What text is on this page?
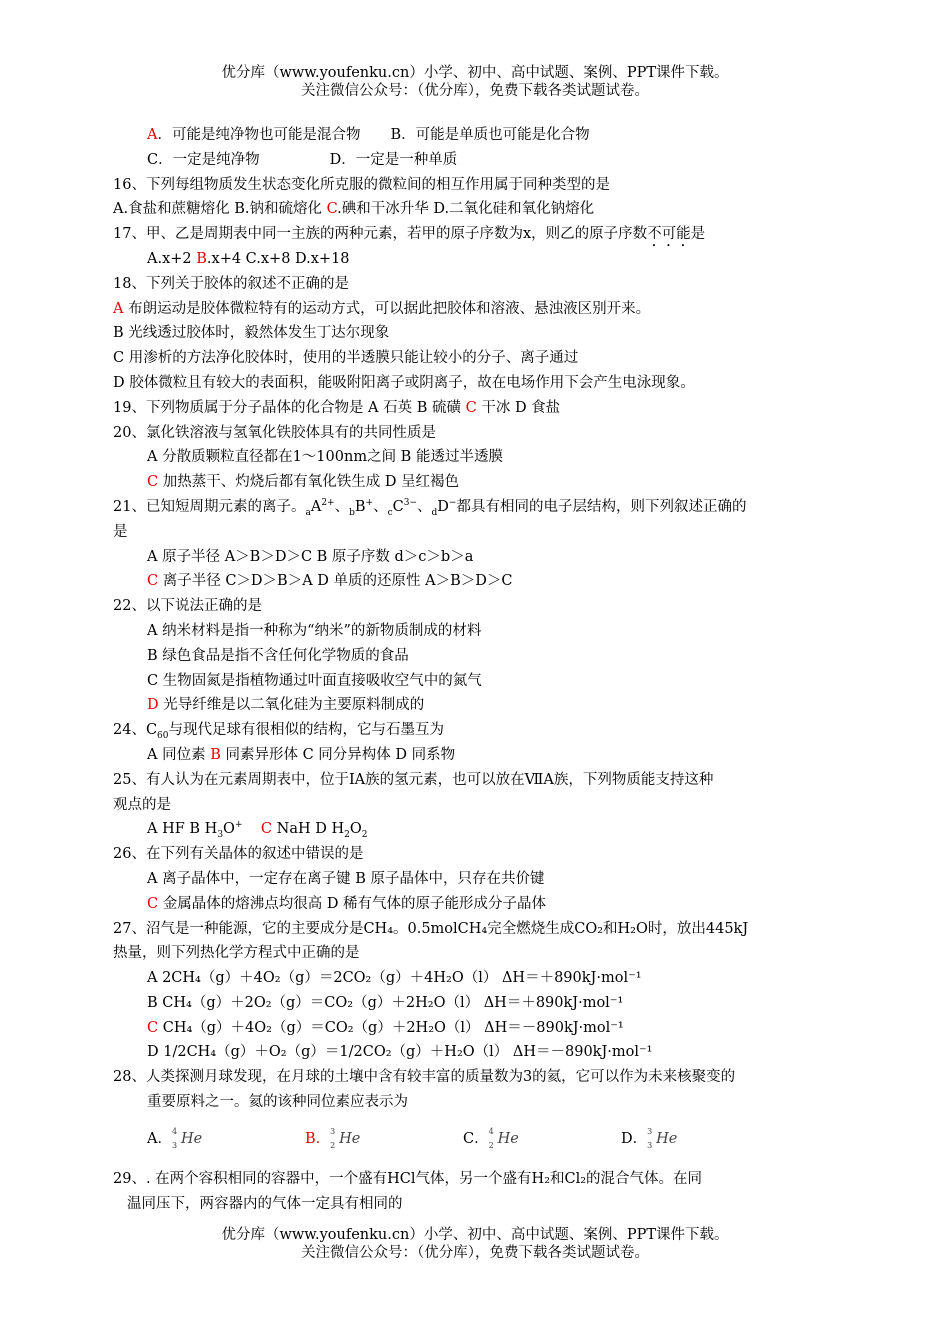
优分库（www.youfenku.cn）小学、初中、高中试题、案例、PPT课件下载。
关注微信公众号：（优分库），免费下载各类试题试卷。
A．可能是纯净物也可能是混合物 B．可能是单质也可能是化合物
C．一定是纯净物	D．一定是一种单质
16、下列每组物质发生状态变化所克服的微粒间的相互作用属于同种类型的是
A.食盐和蔗糖熔化 B.钠和硫熔化 C.碘和干冰升华 D.二氧化硅和氧化钠熔化
17、甲、乙是周期表中同一主族的两种元素，若甲的原子序数为x，则乙的原子序数不可能是
A.x+2 B.x+4 C.x+8 D.x+18
18、下列关于胶体的叙述不正确的是
A 布朗运动是胶体微粒特有的运动方式，可以据此把胶体和溶液、悬浊液区别开来。
B 光线透过胶体时，毅然体发生丁达尔现象
C 用渗析的方法净化胶体时，使用的半透膜只能让较小的分子、离子通过
D 胶体微粒且有较大的表面积，能吸附阳离子或阴离子，故在电场作用下会产生电泳现象。
19、下列物质属于分子晶体的化合物是 A 石英 B 硫磺 C 干冰 D 食盐
20、氯化铁溶液与氢氧化铁胶体具有的共同性质是
A 分散质颗粒直径都在1～100nm之间 B 能透过半透膜
C 加热蒸干、灼烧后都有氧化铁生成 D 呈红褐色
21、已知短周期元素的离子。$_aA^{2+}$、$_b$B+、$_cC^{3-}$、$_d$D−都具有相同的电子层结构，则下列叙述正确的
是
A 原子半径 A＞B＞D＞C B 原子序数 d＞c＞b＞a
C 离子半径 C＞D＞B＞A D 单质的还原性 A＞B＞D＞C
22、以下说法正确的是
A 纳米材料是指一种称为“纳米”的新物质制成的材料
B 绿色食品是指不含任何化学物质的食品
C 生物固氮是指植物通过叶面直接吸收空气中的氮气
D 光导纤维是以二氧化硅为主要原料制成的
24、$C_{60}$与现代足球有很相似的结构，它与石墨互为
A 同位素 B 同素异形体 C 同分异构体 D 同系物
25、有人认为在元素周期表中，位于ⅠA族的氢元素，也可以放在ⅦA族，下列物质能支持这种
观点的是
A HF B $H_3O^+$ C NaH D $H_2O_2$
26、在下列有关晶体的叙述中错误的是
A 离子晶体中，一定存在离子键 B 原子晶体中，只存在共价键
C 金属晶体的熔沸点均很高 D 稀有气体的原子能形成分子晶体
27、沼气是一种能源，它的主要成分是CH₄。0.5molCH₄完全燃烧生成CO₂和H₂O时，放出445kJ
热量，则下列热化学方程式中正确的是
A 2CH₄（g）＋4O₂（g）＝2CO₂（g）＋4H₂O（l） ΔH＝＋890kJ·mol⁻¹
B CH₄（g）＋2O₂（g）＝CO₂（g）＋2H₂O（l） ΔH＝＋890kJ·mol⁻¹
C CH₄（g）＋4O₂（g）＝CO₂（g）＋2H₂O（l） ΔH＝－890kJ·mol⁻¹
D 1/2CH₄（g）＋O₂（g）＝1/2CO₂（g）＋H₂O（l） ΔH＝－890kJ·mol⁻¹
28、人类探测月球发现，在月球的土壤中含有较丰富的质量数为3的氦，它可以作为未来核聚变的
重要原料之一。氦的该种同位素应表示为
A． 4
3 He	B． 3
2 He	C． 4
2 He	D． 3
3 He
29、. 在两个容积相同的容器中，一个盛有HCl气体，另一个盛有H₂和Cl₂的混合气体。在同
温同压下，两容器内的气体一定具有相同的
优分库（www.youfenku.cn）小学、初中、高中试题、案例、PPT课件下载。
关注微信公众号：（优分库），免费下载各类试题试卷。
